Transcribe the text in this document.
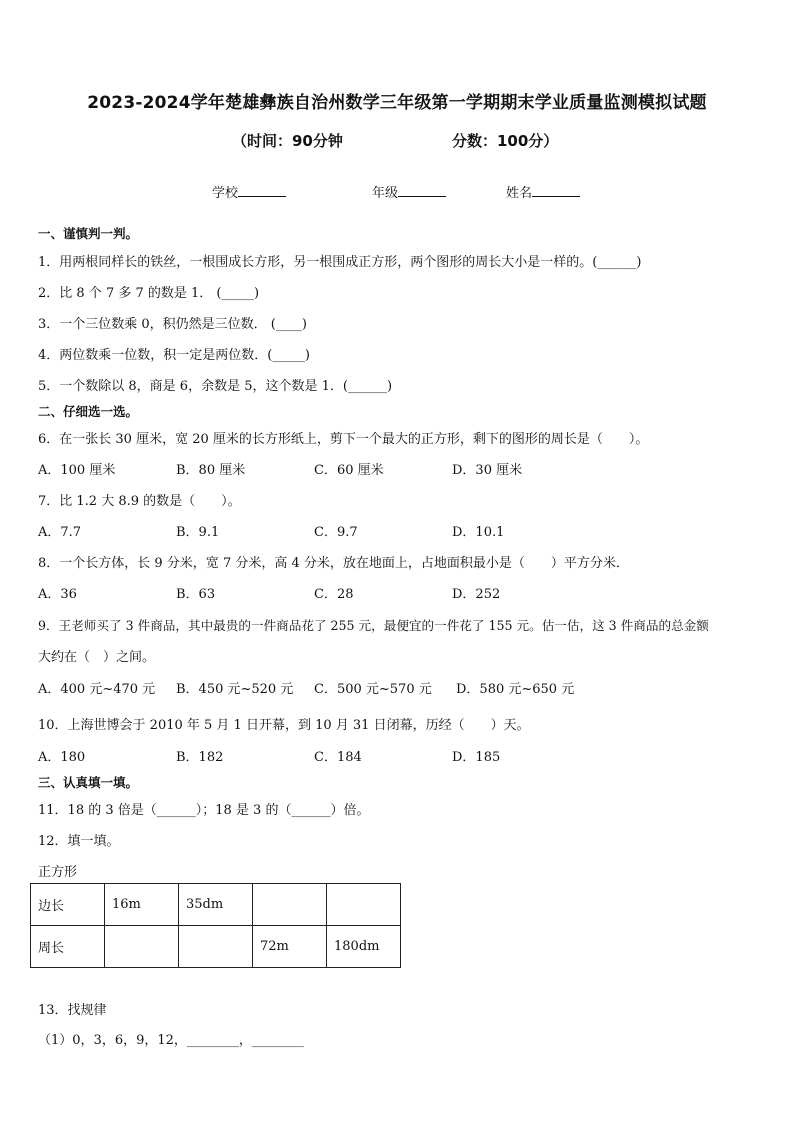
2023-2024学年楚雄彝族自治州数学三年级第一学期期末学业质量监测模拟试题
（时间：90分钟	分数：100分）
学校	年级	姓名
一、谨慎判一判。
1．用两根同样长的铁丝，一根围成长方形，另一根围成正方形，两个图形的周长大小是一样的。(______)
2．比 8 个 7 多 7 的数是 1． (_____)
3．一个三位数乘 0，积仍然是三位数． (____)
4．两位数乘一位数，积一定是两位数．(_____)
5．一个数除以 8，商是 6，余数是 5，这个数是 1．(______)
二、仔细选一选。
6．在一张长 30 厘米，宽 20 厘米的长方形纸上，剪下一个最大的正方形，剩下的图形的周长是（　　）。
A．100 厘米	B．80 厘米	C．60 厘米	D．30 厘米
7．比 1.2 大 8.9 的数是（　　）。
A．7.7	B．9.1	C．9.7	D．10.1
8．一个长方体，长 9 分米，宽 7 分米，高 4 分米，放在地面上，占地面积最小是（　　）平方分米．
A．36	B．63	C．28	D．252
9．王老师买了 3 件商品，其中最贵的一件商品花了 255 元，最便宜的一件花了 155 元。估一估，这 3 件商品的总金额
大约在（　）之间。
A．400 元~470 元 B．450 元~520 元 C．500 元~570 元 D．580 元~650 元
10．上海世博会于 2010 年 5 月 1 日开幕，到 10 月 31 日闭幕，历经（　　）天。
A．180	B．182	C．184	D．185
三、认真填一填。
11．18 的 3 倍是（______）；18 是 3 的（______）倍。
12．填一填。
正方形
边长	16m	35dm		
周长			72m	180dm
13．找规律
（1）0，3，6，9，12，________，________
